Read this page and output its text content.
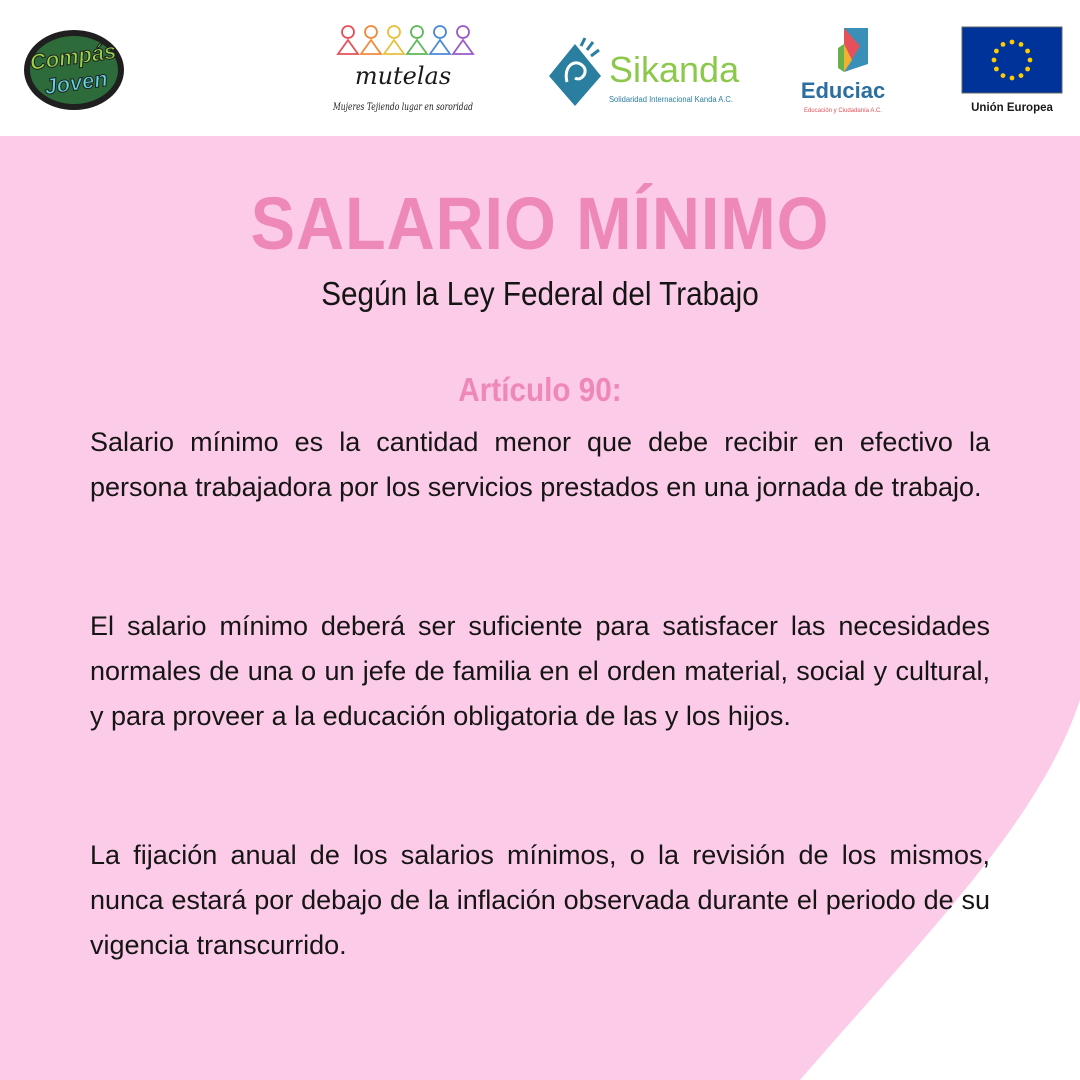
Compás
Joven	mutelas
Mujeres Tejiendo lugar en sororidad
Sikanda
Solidaridad Internacional Kanda A.C.	Educiac
Educación y Ciudadanía A.C.	Unión Europea
SALARIO MÍNIMO

Según la Ley Federal del Trabajo

Artículo 90:

Salario mínimo es la cantidad menor que debe recibir en efectivo la persona trabajadora por los servicios prestados en una jornada de trabajo.

El salario mínimo deberá ser suficiente para satisfacer las necesidades normales de una o un jefe de familia en el orden material, social y cultural, y para proveer a la educación obligatoria de las y los hijos.

La fijación anual de los salarios mínimos, o la revisión de los mismos, nunca estará por debajo de la inflación observada durante el periodo de su vigencia transcurrido.
